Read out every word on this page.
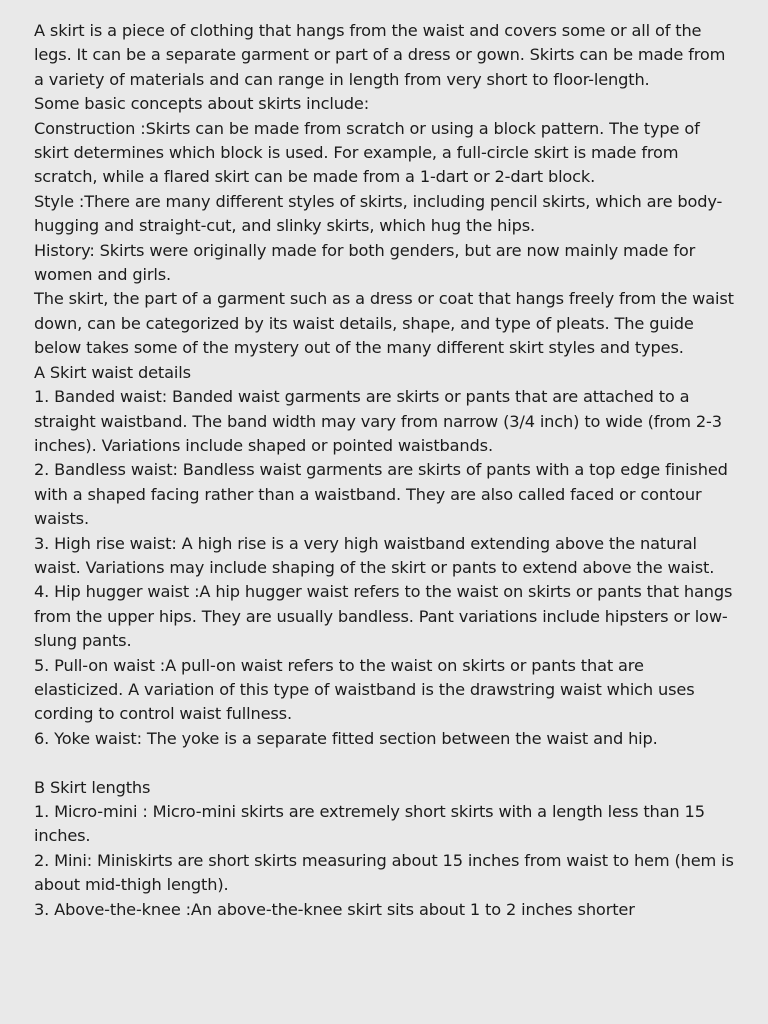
A skirt is a piece of clothing that hangs from the waist and covers some or all of the legs. It can be a separate garment or part of a dress or gown. Skirts can be made from a variety of materials and can range in length from very short to floor-length.

Some basic concepts about skirts include:

Construction :Skirts can be made from scratch or using a block pattern. The type of skirt determines which block is used. For example, a full-circle skirt is made from scratch, while a flared skirt can be made from a 1-dart or 2-dart block.

Style :There are many different styles of skirts, including pencil skirts, which are body-hugging and straight-cut, and slinky skirts, which hug the hips.

History: Skirts were originally made for both genders, but are now mainly made for women and girls.

The skirt, the part of a garment such as a dress or coat that hangs freely from the waist down, can be categorized by its waist details, shape, and type of pleats. The guide below takes some of the mystery out of the many different skirt styles and types.

A Skirt waist details

1. Banded waist: Banded waist garments are skirts or pants that are attached to a straight waistband. The band width may vary from narrow (3/4 inch) to wide (from 2-3 inches). Variations include shaped or pointed waistbands.

2. Bandless waist: Bandless waist garments are skirts of pants with a top edge finished with a shaped facing rather than a waistband. They are also called faced or contour waists.

3. High rise waist: A high rise is a very high waistband extending above the natural waist. Variations may include shaping of the skirt or pants to extend above the waist.

4. Hip hugger waist :A hip hugger waist refers to the waist on skirts or pants that hangs from the upper hips. They are usually bandless. Pant variations include hipsters or low-slung pants.

5. Pull-on waist :A pull-on waist refers to the waist on skirts or pants that are elasticized. A variation of this type of waistband is the drawstring waist which uses cording to control waist fullness.

6. Yoke waist: The yoke is a separate fitted section between the waist and hip.

B Skirt lengths

1. Micro-mini : Micro-mini skirts are extremely short skirts with a length less than 15 inches.

2. Mini: Miniskirts are short skirts measuring about 15 inches from waist to hem (hem is about mid-thigh length).

3. Above-the-knee :An above-the-knee skirt sits about 1 to 2 inches shorter
